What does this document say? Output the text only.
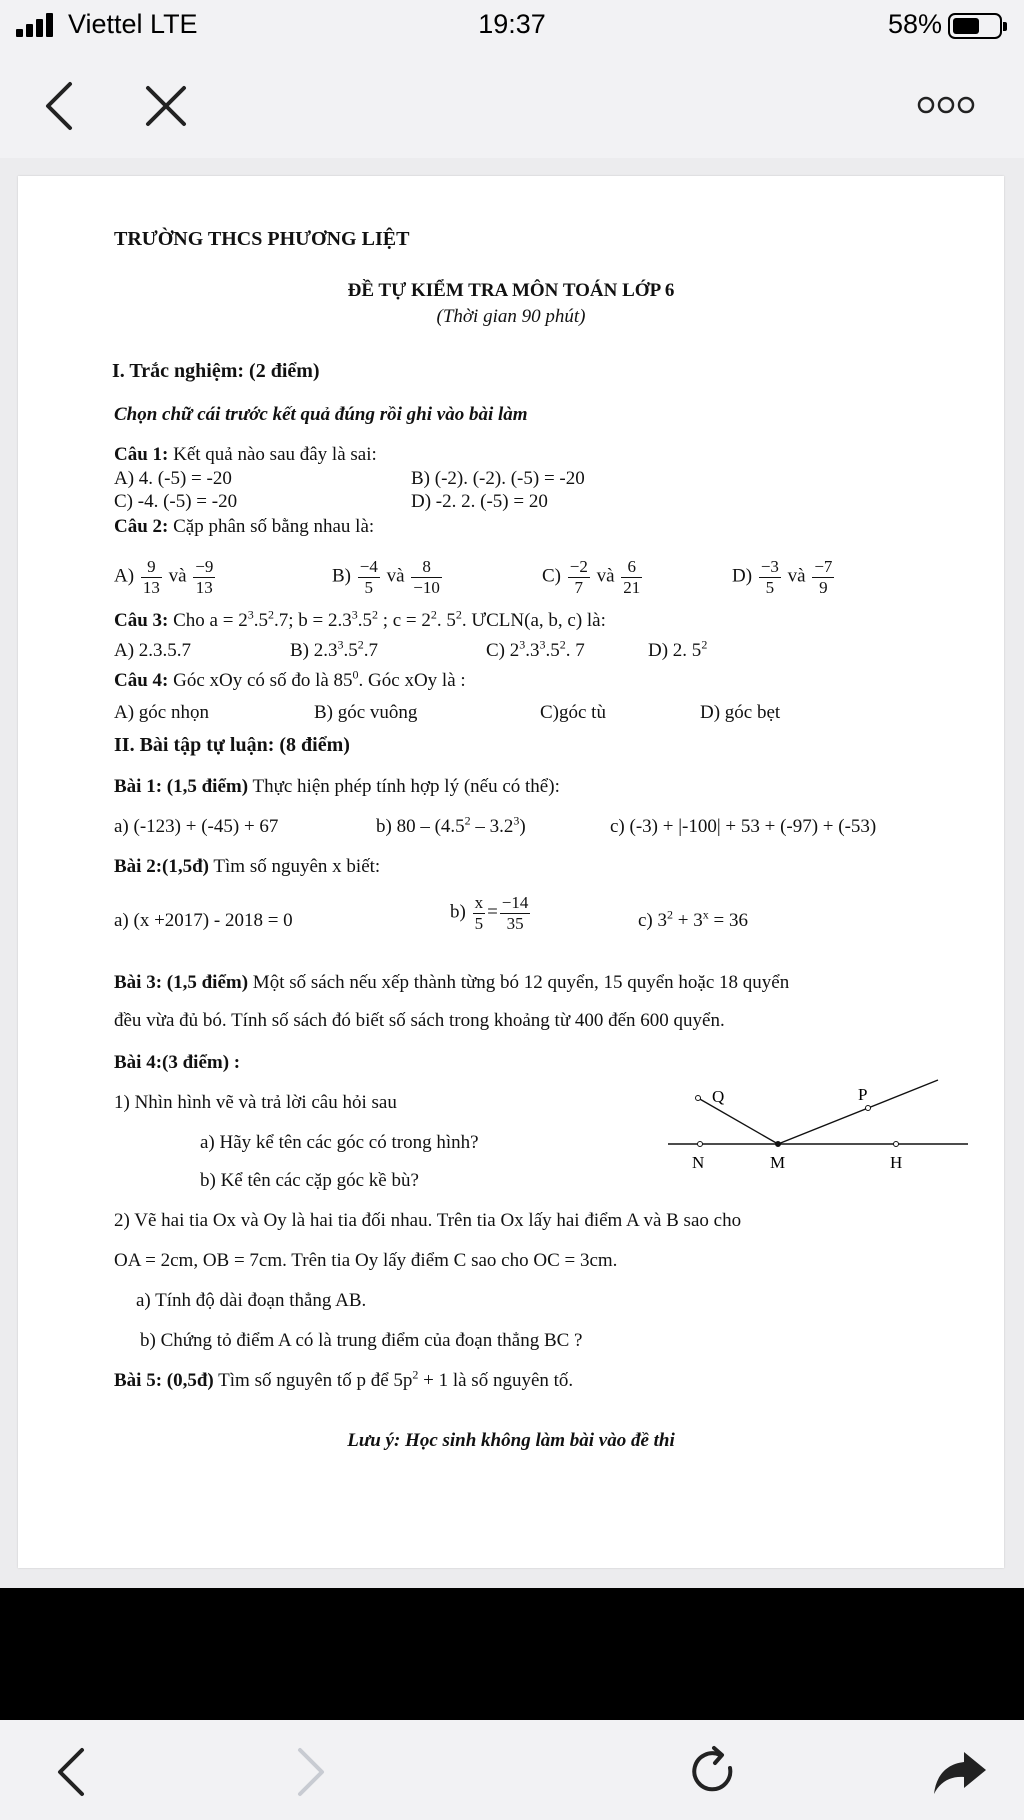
Viettel LTE	19:37	58%
TRƯỜNG THCS PHƯƠNG LIỆT
ĐỀ TỰ KIỂM TRA MÔN TOÁN LỚP 6
(Thời gian 90 phút)
I. Trắc nghiệm: (2 điểm)
Chọn chữ cái trước kết quả đúng rồi ghi vào bài làm
Câu 1: Kết quả nào sau đây là sai:
A) 4. (-5) = -20	B) (-2). (-2). (-5) = -20
C) -4. (-5) = -20	D) -2. 2. (-5) = 20
Câu 2: Cặp phân số bằng nhau là:
$A) \frac{9}{13}$ và $\frac{-9}{13}$	$B) \frac{-4}{5}$ và $\frac{8}{-10}$	$C) \frac{-2}{7}$ và $\frac{6}{21}$	$D) \frac{-3}{5}$ và $\frac{-7}{9}$
Câu 3: Cho $a = 2^3.5^2.7$; $b = 2.3^3.5^2$ ; $c = 2^2$. $5^2$. ƯCLN(a, b, c) là:
A) 2.3.5.7	B) $2.3^3.5^2.7$	C) $2^3.3^3.5^2$. 7	D) 2. $5^2$
Câu 4: Góc xOy có số đo là $85^0$. Góc xOy là :
A) góc nhọn	B) góc vuông	C)góc tù	D) góc bẹt
II. Bài tập tự luận: (8 điểm)
Bài 1: (1,5 điểm) Thực hiện phép tính hợp lý (nếu có thể):
a) (-123) + (-45) + 67	b) $80 - (4.5^2 - 3.2^3)$	c) (-3) + |-100| + 53 + (-97) + (-53)
Bài 2:(1,5đ) Tìm số nguyên x biết:
a) (x +2017) - 2018 = 0	$b) \frac{x}{5} = \frac{-14}{35}$	c) $3^2 + 3^x = 36$
Bài 3: (1,5 điểm) Một số sách nếu xếp thành từng bó 12 quyển, 15 quyển hoặc 18 quyển
đều vừa đủ bó. Tính số sách đó biết số sách trong khoảng từ 400 đến 600 quyển.
Bài 4:(3 điểm) :
1) Nhìn hình vẽ và trả lời câu hỏi sau
a) Hãy kể tên các góc có trong hình?
b) Kể tên các cặp góc kề bù?
Q	P
N	M	H
2) Vẽ hai tia Ox và Oy là hai tia đối nhau. Trên tia Ox lấy hai điểm A và B sao cho
OA = 2cm, OB = 7cm. Trên tia Oy lấy điểm C sao cho OC = 3cm.
a) Tính độ dài đoạn thẳng AB.
b) Chứng tỏ điểm A có là trung điểm của đoạn thẳng BC ?
Bài 5: (0,5đ) Tìm số nguyên tố p để $5p^2 + 1$ là số nguyên tố.
Lưu ý: Học sinh không làm bài vào đề thi
